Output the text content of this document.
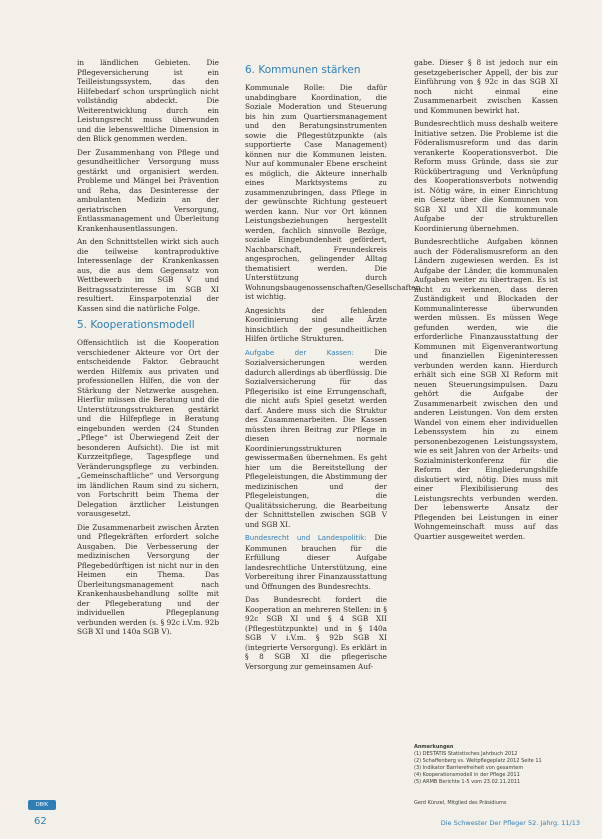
in ländlichen Gebieten. Die Pflegeversicherung ist ein Teilleistungssystem, das den Hilfebedarf schon ursprünglich nicht vollständig abdeckt. Die Weiterentwicklung durch ein Leistungsrecht muss überwunden und die lebensweltliche Dimension in den Blick genommen werden.

Der Zusammenhang von Pflege und gesundheitlicher Versorgung muss gestärkt und organisiert werden. Probleme und Mängel bei Prävention und Reha, das Desinteresse der ambulanten Medizin an der geriatrischen Versorgung, Entlassmanagement und Überleitung Krankenhausentlassungen.

An den Schnittstellen wirkt sich auch die teilweise kontraproduktive Interessenlage der Krankenkassen aus, die aus dem Gegensatz von Wettbewerb im SGB V und Beitragssatzinteresse im SGB XI resultiert. Einsparpotenzial der Kassen sind die natürliche Folge.

5. Kooperationsmodell

Offensichtlich ist die Kooperation verschiedener Akteure vor Ort der entscheidende Faktor. Gebraucht werden Hilfemix aus privaten und professionellen Hilfen, die von der Stärkung der Netzwerke ausgehen. Hierfür müssen die Beratung und die Unterstützungsstrukturen gestärkt und die Hilfepflege in Beratung eingebunden werden (24 Stunden „Pflege“ ist Überwiegend Zeit der besonderen Aufsicht). Die ist mit Kurzzeitpflege, Tagespflege und Veränderungspflege zu verbinden. „Gemeinschaftliche“ und Versorgung im ländlichen Raum sind zu sichern, von Fortschritt beim Thema der Delegation ärztlicher Leistungen vorausgesetzt.

Die Zusammenarbeit zwischen Ärzten und Pflegekräften erfordert solche Ausgaben. Die Verbesserung der medizinischen Versorgung der Pflegebedürftigen ist nicht nur in den Heimen ein Thema. Das Überleitungsmanagement nach Krankenhausbehandlung sollte mit der Pflegeberatung und der individuellen Pflegeplanung verbunden werden (s. § 92c i.V.m. 92b SGB XI und 140a SGB V).

6. Kommunen stärken

Kommunale Rolle: Die dafür unabdingbare Koordination, die Soziale Moderation und Steuerung bis hin zum Quartiersmanagement und den Beratungsinstrumenten sowie die Pflegestützpunkte (als supportierte Case Management) können nur die Kommunen leisten. Nur auf kommunaler Ebene erscheint es möglich, die Akteure innerhalb eines Marktsystems zu zusammenzubringen, dass Pflege in der gewünschte Richtung gesteuert werden kann. Nur vor Ort können Leistungsbeziehungen hergestellt werden, fachlich sinnvolle Bezüge, soziale Eingebundenheit gefördert, Nachbarschaft, Freundeskreis angesprochen, gelingender Alltag thematisiert werden. Die Unterstützung durch Wohnungsbaugenossenschaften/Gesellschaften ist wichtig.

Angesichts der fehlenden Koordinierung sind alle Ärzte hinsichtlich der gesundheitlichen Hilfen örtliche Strukturen.

Aufgabe der Kassen:	Die Sozialversicherungen werden dadurch allerdings ab überflüssig. Die Sozialversicherung für das Pflegerisiko ist eine Errungenschaft, die nicht aufs Spiel gesetzt werden darf. Andere muss sich die Struktur des Zusammenarbeiten. Die Kassen müssten ihren Beitrag zur Pflege in diesen normale Koordinierungsstrukturen gewissermaßen übernehmen. Es geht hier um die Bereitstellung der Pflegeleistungen, die Abstimmung der medizinischen und der Pflegeleistungen, die Qualitätssicherung, die Bearbeitung der Schnittstellen zwischen SGB V und SGB XI.

Bundesrecht und Landespolitik: Die Kommunen brauchen für die Erfüllung dieser Aufgabe landesrechtliche Unterstützung, eine Vorbereitung ihrer Finanzausstattung und Öffnungen des Bundesrechts.

Das Bundesrecht fordert die Kooperation an mehreren Stellen: in § 92c SGB XI und § 4 SGB XII (Pflegestützpunkte) und in § 140a SGB V i.V.m. § 92b SGB XI (integrierte Versorgung). Es erklärt in § 8 SGB XI die pflegerische Versorgung zur gemeinsamen Auf-

gabe. Dieser § 8 ist jedoch nur ein gesetzgeberischer Appell, der bis zur Einführung von § 92c in das SGB XI noch nicht einmal eine Zusammenarbeit zwischen Kassen und Kommunen bewirkt hat.

Bundesrechtlich muss deshalb weitere Initiative setzen. Die Probleme ist die Föderalismusreform und das darin verankerte Kooperationsverbot. Die Reform muss Gründe, dass sie zur Rückübertragung und Verknüpfung des Kooperationsverbots notwendig ist. Nötig wäre, in einer Einrichtung ein Gesetz über die Kommunen von SGB XI und XII die kommunale Aufgabe der strukturellen Koordinierung übernehmen.

Bundesrechtliche Aufgaben können auch der Föderalismusreform an den Ländern zugewiesen werden. Es ist Aufgabe der Länder, die kommunalen Aufgaben weiter zu übertragen. Es ist nicht zu verkennen, dass deren Zuständigkeit und Blockaden der Kommunalinteresse überwunden werden müssen. Es müssen Wege gefunden werden, wie die erforderliche Finanzausstattung der Kommunen mit Eigenverantwortung und finanziellen Eigeninteressen verbunden werden kann. Hierdurch erhält sich eine SGB XI Reform mit neuen Steuerungsimpulsen. Dazu gehört die Aufgabe der Zusammenarbeit zwischen den und anderen Leistungen. Von dem ersten Wandel von einem eher individuellen Lebenssystem hin zu einem personenbezogenen Leistungssystem, wie es seit Jahren von der Arbeits- und Sozialministerkonferenz für die Reform der Eingliederungshilfe diskutiert wird, nötig. Dies muss mit einer Flexibilisierung des Leistungsrechts verbunden werden. Der lebenswerte Ansatz der Pflegenden bei Leistungen in einer Wohngemeinschaft muss auf das Quartier ausgeweitet werden.

Anmerkungen
(1) DESTATIS Statistisches Jahrbuch 2012
(2) Schaffenberg vs. Weltpflegeplatz 2012 Seite 11
(3) Indikator Barrierefreiheit von gesamtem
(4) Kooperationsmodell in der Pflege 2011
(5) ARMB Berichte 1-5 vom 23.02.11.2011
Gerd Künzel, Mitglied des Präsidiums
DBfK
62	Die Schwester Der Pfleger 52. Jahrg. 11/13
